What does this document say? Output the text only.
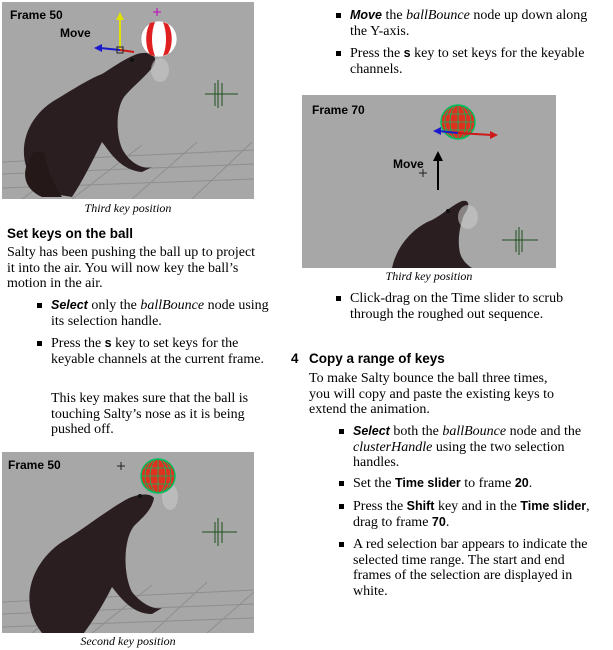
Frame 50
Move
Third key position
Set keys on the ball
Salty has been pushing the ball up to project it into the air. You will now key the ball’s motion in the air.
Select only the ballBounce node using its selection handle.
Press the s key to set keys for the keyable channels at the current frame.
This key makes sure that the ball is touching Salty’s nose as it is being pushed off.
Frame 50
Second key position
Move the ballBounce node up down along the Y-axis.
Press the s key to set keys for the keyable channels.
Frame 70
Move
Third key position
Click-drag on the Time slider to scrub through the roughed out sequence.
4 Copy a range of keys
To make Salty bounce the ball three times, you will copy and paste the existing keys to extend the animation.
Select both the ballBounce node and the clusterHandle using the two selection handles.
Set the Time slider to frame 20.
Press the Shift key and in the Time slider, drag to frame 70.
A red selection bar appears to indicate the selected time range. The start and end frames of the selection are displayed in white.
